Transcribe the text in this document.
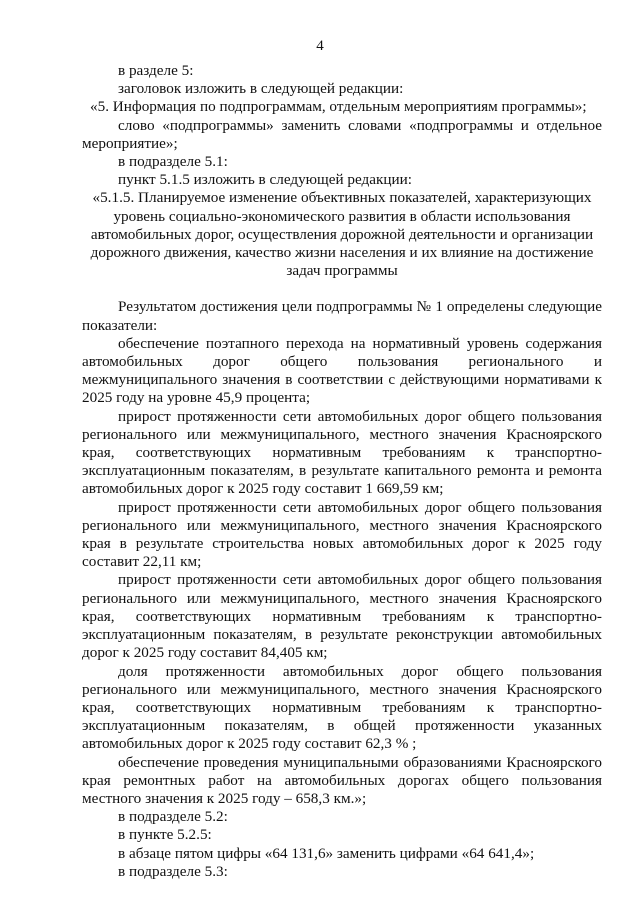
4

в разделе 5:

заголовок изложить в следующей редакции:

«5. Информация по подпрограммам, отдельным мероприятиям программы»;

слово «подпрограммы» заменить словами «подпрограммы и отдельное мероприятие»;

в подразделе 5.1:

пункт 5.1.5 изложить в следующей редакции:

«5.1.5. Планируемое изменение объективных показателей, характеризующих уровень социально-экономического развития в области использования автомобильных дорог, осуществления дорожной деятельности и организации дорожного движения, качество жизни населения и их влияние на достижение задач программы

Результатом достижения цели подпрограммы № 1 определены следующие показатели:

обеспечение поэтапного перехода на нормативный уровень содержания автомобильных дорог общего пользования регионального и межмуниципального значения в соответствии с действующими нормативами к 2025 году на уровне 45,9 процента;

прирост протяженности сети автомобильных дорог общего пользования регионального или межмуниципального, местного значения Красноярского края, соответствующих нормативным требованиям к транспортно-эксплуатационным показателям, в результате капитального ремонта и ремонта автомобильных дорог к 2025 году составит 1 669,59 км;

прирост протяженности сети автомобильных дорог общего пользования регионального или межмуниципального, местного значения Красноярского края в результате строительства новых автомобильных дорог к 2025 году составит 22,11 км;

прирост протяженности сети автомобильных дорог общего пользования регионального или межмуниципального, местного значения Красноярского края, соответствующих нормативным требованиям к транспортно-эксплуатационным показателям, в результате реконструкции автомобильных дорог к 2025 году составит 84,405 км;

доля протяженности автомобильных дорог общего пользования регионального или межмуниципального, местного значения Красноярского края, соответствующих нормативным требованиям к транспортно-эксплуатационным показателям, в общей протяженности указанных автомобильных дорог к 2025 году составит 62,3 % ;

обеспечение проведения муниципальными образованиями Красноярского края ремонтных работ на автомобильных дорогах общего пользования местного значения к 2025 году – 658,3 км.»;

в подразделе 5.2:

в пункте 5.2.5:

в абзаце пятом цифры «64 131,6» заменить цифрами «64 641,4»;

в подразделе 5.3:
